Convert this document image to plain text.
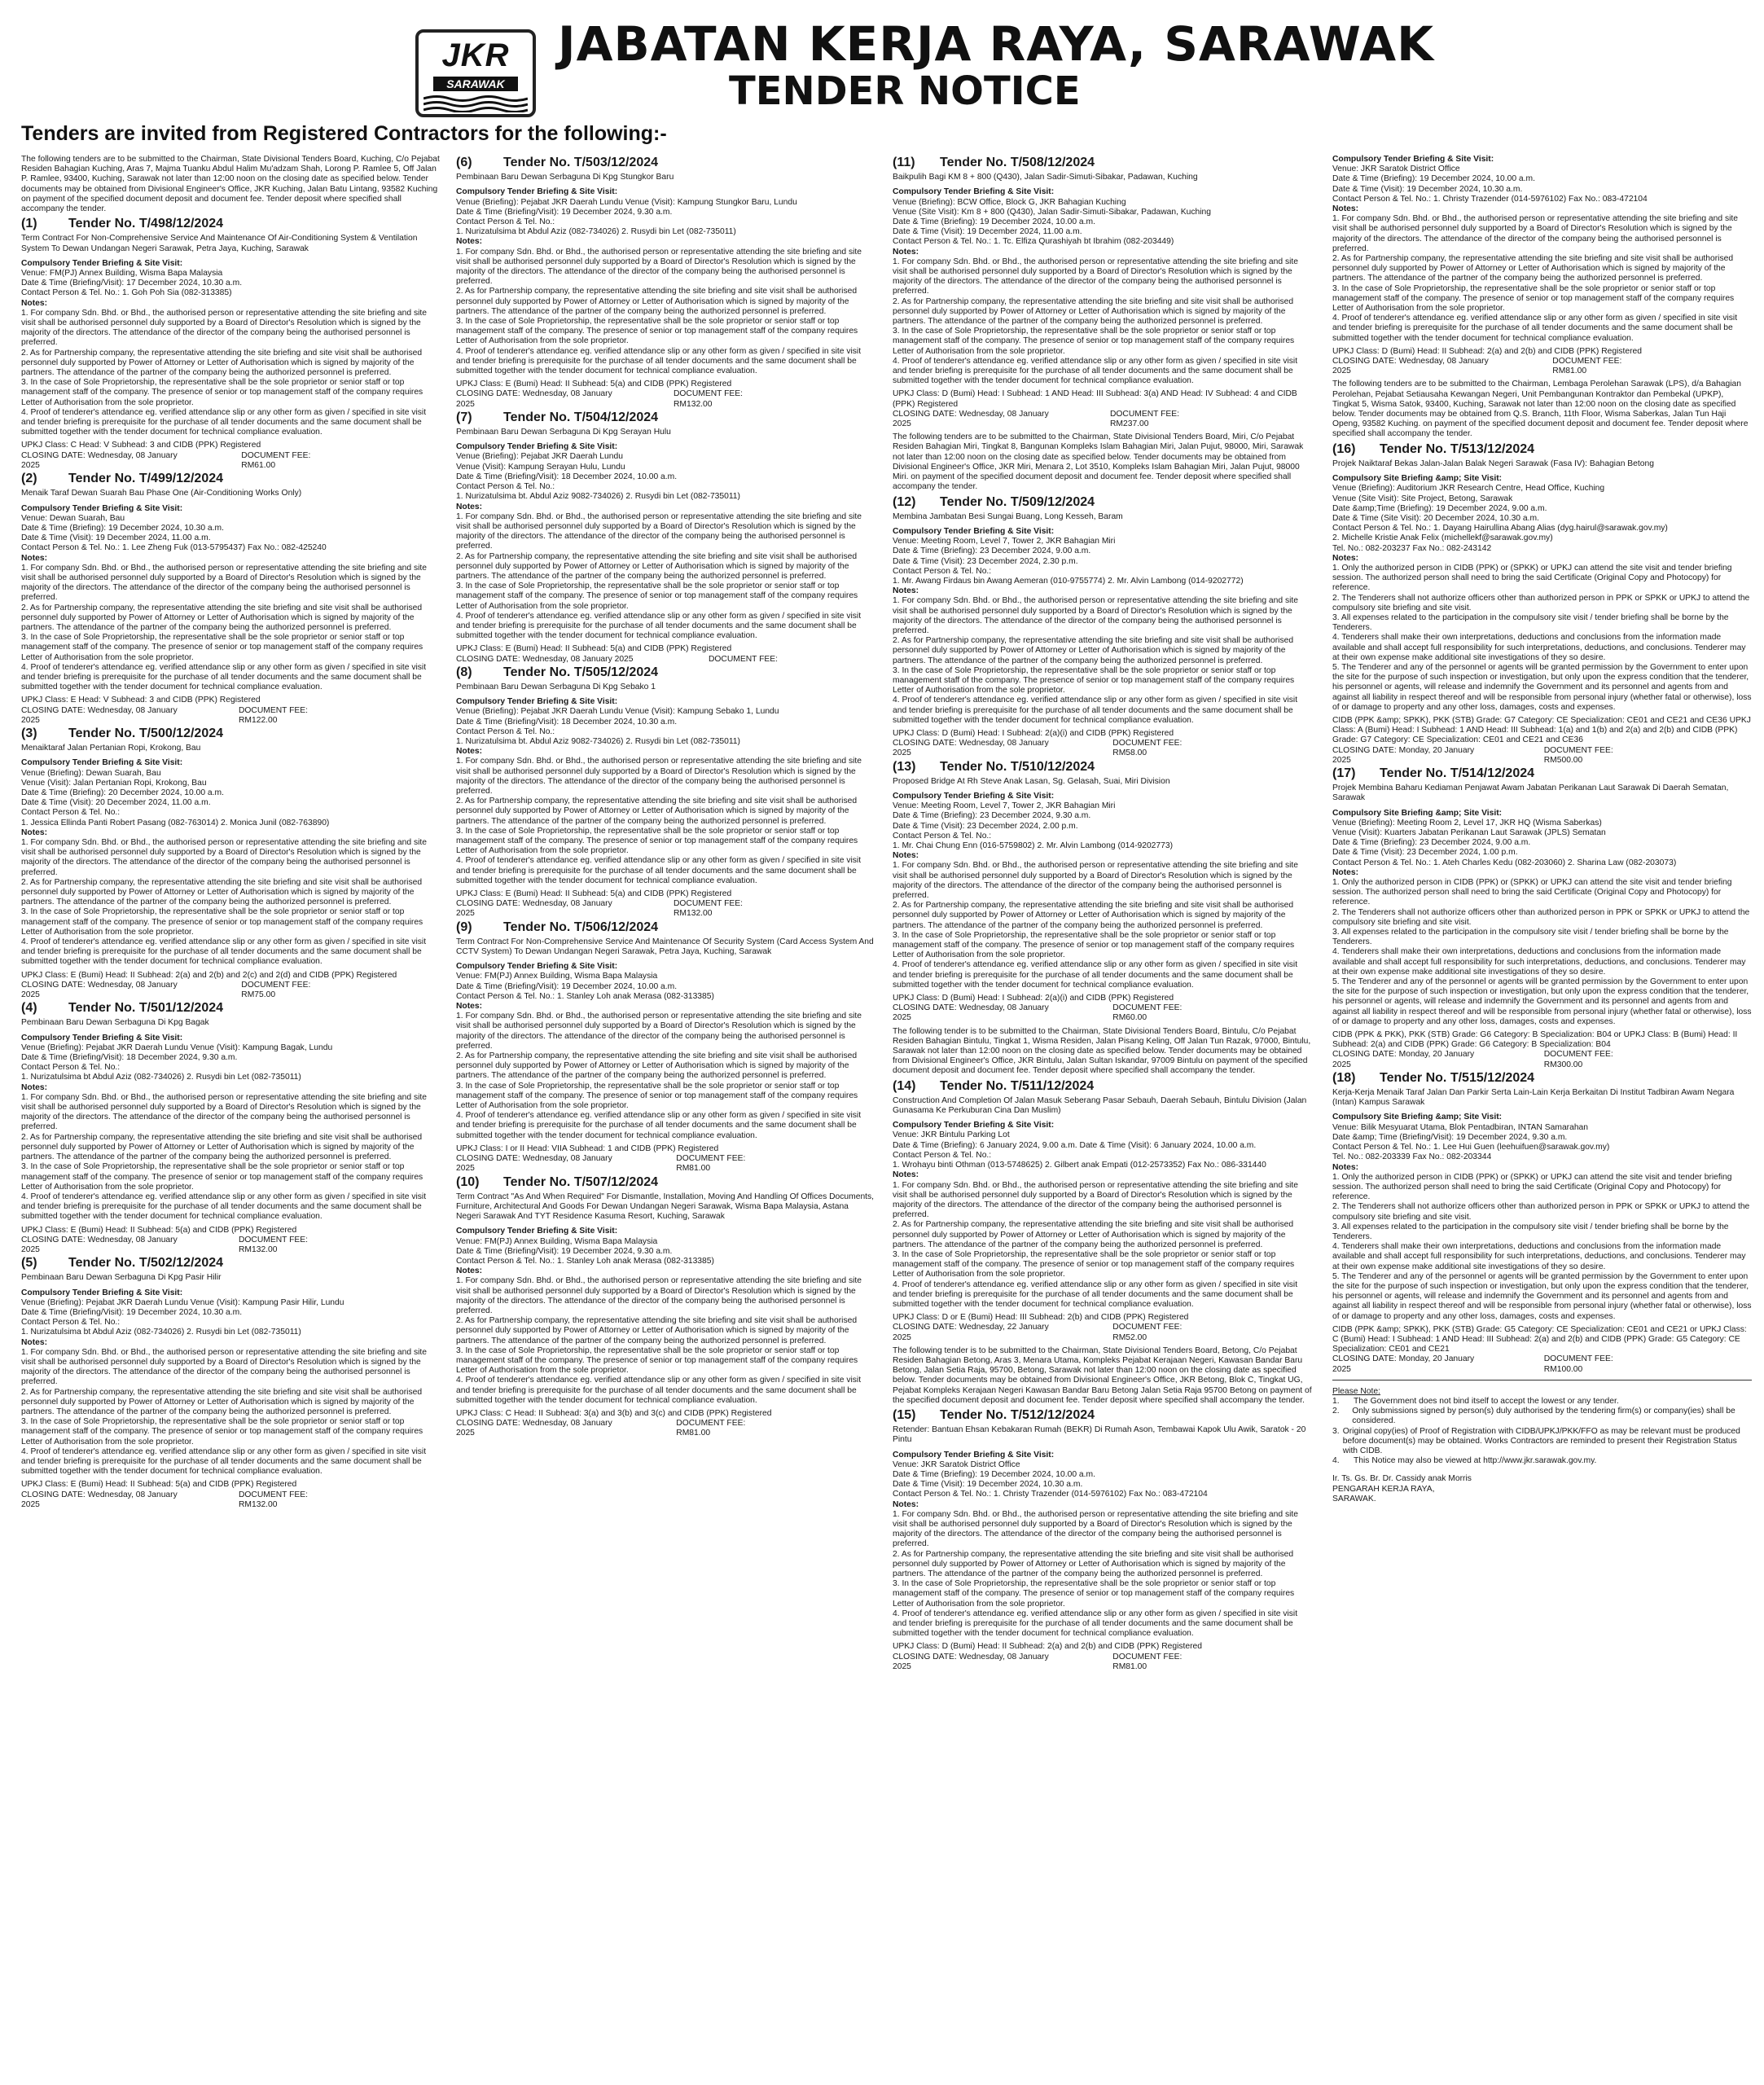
JKR
SARAWAK
JABATAN KERJA RAYA, SARAWAK
TENDER NOTICE
Tenders are invited from Registered Contractors for the following:-
The following tenders are to be submitted to the Chairman, State Divisional Tenders Board, Kuching, C/o Pejabat Residen Bahagian Kuching, Aras 7, Majma Tuanku Abdul Halim Mu'adzam Shah, Lorong P. Ramlee 5, Off Jalan P. Ramlee, 93400, Kuching, Sarawak not later than 12:00 noon on the closing date as specified below. Tender documents may be obtained from Divisional Engineer's Office, JKR Kuching, Jalan Batu Lintang, 93582 Kuching on payment of the specified document deposit and document fee. Tender deposit where specified shall accompany the tender.
(1)	Tender No. T/498/12/2024
Term Contract For Non-Comprehensive Service And Maintenance Of Air-Conditioning System & Ventilation System To Dewan Undangan Negeri Sarawak, Petra Jaya, Kuching, Sarawak
Compulsory Tender Briefing & Site Visit:
Venue: FM(PJ) Annex Building, Wisma Bapa Malaysia
Date & Time (Briefing/Visit): 17 December 2024, 10.30 a.m.
Contact Person & Tel. No.: 1. Goh Poh Sia (082-313385)
Notes:
1. For company Sdn. Bhd. or Bhd., the authorised person or representative attending the site briefing and site visit shall be authorised personnel duly supported by a Board of Director's Resolution which is signed by the majority of the directors. The attendance of the director of the company being the authorised personnel is preferred.
2. As for Partnership company, the representative attending the site briefing and site visit shall be authorised personnel duly supported by Power of Attorney or Letter of Authorisation which is signed by majority of the partners. The attendance of the partner of the company being the authorized personnel is preferred.
3. In the case of Sole Proprietorship, the representative shall be the sole proprietor or senior staff or top management staff of the company. The presence of senior or top management staff of the company requires Letter of Authorisation from the sole proprietor.
4. Proof of tenderer's attendance eg. verified attendance slip or any other form as given / specified in site visit and tender briefing is prerequisite for the purchase of all tender documents and the same document shall be submitted together with the tender document for technical compliance evaluation.
UPKJ Class: C Head: V Subhead: 3 and CIDB (PPK) Registered
CLOSING DATE: Wednesday, 08 January 2025
DOCUMENT FEE: RM61.00
(2)	Tender No. T/499/12/2024
Menaik Taraf Dewan Suarah Bau Phase One (Air-Conditioning Works Only)
Compulsory Tender Briefing & Site Visit:
Venue: Dewan Suarah, Bau
Date & Time (Briefing): 19 December 2024, 10.30 a.m.
Date & Time (Visit): 19 December 2024, 11.00 a.m.
Contact Person & Tel. No.: 1. Lee Zheng Fuk (013-5795437) Fax No.: 082-425240
Notes:
1. For company Sdn. Bhd. or Bhd., the authorised person or representative attending the site briefing and site visit shall be authorised personnel duly supported by a Board of Director's Resolution which is signed by the majority of the directors. The attendance of the director of the company being the authorised personnel is preferred.
2. As for Partnership company, the representative attending the site briefing and site visit shall be authorised personnel duly supported by Power of Attorney or Letter of Authorisation which is signed by majority of the partners. The attendance of the partner of the company being the authorized personnel is preferred.
3. In the case of Sole Proprietorship, the representative shall be the sole proprietor or senior staff or top management staff of the company. The presence of senior or top management staff of the company requires Letter of Authorisation from the sole proprietor.
4. Proof of tenderer's attendance eg. verified attendance slip or any other form as given / specified in site visit and tender briefing is prerequisite for the purchase of all tender documents and the same document shall be submitted together with the tender document for technical compliance evaluation.
UPKJ Class: E Head: V Subhead: 3 and CIDB (PPK) Registered
CLOSING DATE: Wednesday, 08 January 2025
DOCUMENT FEE: RM122.00
(3)	Tender No. T/500/12/2024
Menaiktaraf Jalan Pertanian Ropi, Krokong, Bau
Compulsory Tender Briefing & Site Visit:
Venue (Briefing): Dewan Suarah, Bau
Venue (Visit): Jalan Pertanian Ropi, Krokong, Bau
Date & Time (Briefing): 20 December 2024, 10.00 a.m.
Date & Time (Visit): 20 December 2024, 11.00 a.m.
Contact Person & Tel. No.:
1. Jessica Ellinda Panti Robert Pasang (082-763014) 2. Monica Junil (082-763890)
Notes:
1. For company Sdn. Bhd. or Bhd., the authorised person or representative attending the site briefing and site visit shall be authorised personnel duly supported by a Board of Director's Resolution which is signed by the majority of the directors. The attendance of the director of the company being the authorised personnel is preferred.
2. As for Partnership company, the representative attending the site briefing and site visit shall be authorised personnel duly supported by Power of Attorney or Letter of Authorisation which is signed by majority of the partners. The attendance of the partner of the company being the authorized personnel is preferred.
3. In the case of Sole Proprietorship, the representative shall be the sole proprietor or senior staff or top management staff of the company. The presence of senior or top management staff of the company requires Letter of Authorisation from the sole proprietor.
4. Proof of tenderer's attendance eg. verified attendance slip or any other form as given / specified in site visit and tender briefing is prerequisite for the purchase of all tender documents and the same document shall be submitted together with the tender document for technical compliance evaluation.
UPKJ Class: E (Bumi) Head: II Subhead: 2(a) and 2(b) and 2(c) and 2(d) and CIDB (PPK) Registered
CLOSING DATE: Wednesday, 08 January 2025
DOCUMENT FEE: RM75.00
(4)	Tender No. T/501/12/2024
Pembinaan Baru Dewan Serbaguna Di Kpg Bagak
Compulsory Tender Briefing & Site Visit:
Venue (Briefing): Pejabat JKR Daerah Lundu Venue (Visit): Kampung Bagak, Lundu
Date & Time (Briefing/Visit): 18 December 2024, 9.30 a.m.
Contact Person & Tel. No.:
1. Nurizatulsima bt Abdul Aziz (082-734026) 2. Rusydi bin Let (082-735011)
Notes:
1. For company Sdn. Bhd. or Bhd., the authorised person or representative attending the site briefing and site visit shall be authorised personnel duly supported by a Board of Director's Resolution which is signed by the majority of the directors. The attendance of the director of the company being the authorised personnel is preferred.
2. As for Partnership company, the representative attending the site briefing and site visit shall be authorised personnel duly supported by Power of Attorney or Letter of Authorisation which is signed by majority of the partners. The attendance of the partner of the company being the authorized personnel is preferred.
3. In the case of Sole Proprietorship, the representative shall be the sole proprietor or senior staff or top management staff of the company. The presence of senior or top management staff of the company requires Letter of Authorisation from the sole proprietor.
4. Proof of tenderer's attendance eg. verified attendance slip or any other form as given / specified in site visit and tender briefing is prerequisite for the purchase of all tender documents and the same document shall be submitted together with the tender document for technical compliance evaluation.
UPKJ Class: E (Bumi) Head: II Subhead: 5(a) and CIDB (PPK) Registered
CLOSING DATE: Wednesday, 08 January 2025
DOCUMENT FEE: RM132.00
(5)	Tender No. T/502/12/2024
Pembinaan Baru Dewan Serbaguna Di Kpg Pasir Hilir
Compulsory Tender Briefing & Site Visit:
Venue (Briefing): Pejabat JKR Daerah Lundu Venue (Visit): Kampung Pasir Hilir, Lundu
Date & Time (Briefing/Visit): 19 December 2024, 10.30 a.m.
Contact Person & Tel. No.:
1. Nurizatulsima bt Abdul Aziz (082-734026) 2. Rusydi bin Let (082-735011)
Notes:
1. For company Sdn. Bhd. or Bhd., the authorised person or representative attending the site briefing and site visit shall be authorised personnel duly supported by a Board of Director's Resolution which is signed by the majority of the directors. The attendance of the director of the company being the authorised personnel is preferred.
2. As for Partnership company, the representative attending the site briefing and site visit shall be authorised personnel duly supported by Power of Attorney or Letter of Authorisation which is signed by majority of the partners. The attendance of the partner of the company being the authorized personnel is preferred.
3. In the case of Sole Proprietorship, the representative shall be the sole proprietor or senior staff or top management staff of the company. The presence of senior or top management staff of the company requires Letter of Authorisation from the sole proprietor.
4. Proof of tenderer's attendance eg. verified attendance slip or any other form as given / specified in site visit and tender briefing is prerequisite for the purchase of all tender documents and the same document shall be submitted together with the tender document for technical compliance evaluation.
UPKJ Class: E (Bumi) Head: II Subhead: 5(a) and CIDB (PPK) Registered
CLOSING DATE: Wednesday, 08 January 2025
DOCUMENT FEE: RM132.00
(6)	Tender No. T/503/12/2024
Pembinaan Baru Dewan Serbaguna Di Kpg Stungkor Baru
Compulsory Tender Briefing & Site Visit:
Venue (Briefing): Pejabat JKR Daerah Lundu Venue (Visit): Kampung Stungkor Baru, Lundu
Date & Time (Briefing/Visit): 19 December 2024, 9.30 a.m.
Contact Person & Tel. No.:
1. Nurizatulsima bt Abdul Aziz (082-734026) 2. Rusydi bin Let (082-735011)
Notes:
1. For company Sdn. Bhd. or Bhd., the authorised person or representative attending the site briefing and site visit shall be authorised personnel duly supported by a Board of Director's Resolution which is signed by the majority of the directors. The attendance of the director of the company being the authorised personnel is preferred.
2. As for Partnership company, the representative attending the site briefing and site visit shall be authorised personnel duly supported by Power of Attorney or Letter of Authorisation which is signed by majority of the partners. The attendance of the partner of the company being the authorized personnel is preferred.
3. In the case of Sole Proprietorship, the representative shall be the sole proprietor or senior staff or top management staff of the company. The presence of senior or top management staff of the company requires Letter of Authorisation from the sole proprietor.
4. Proof of tenderer's attendance eg. verified attendance slip or any other form as given / specified in site visit and tender briefing is prerequisite for the purchase of all tender documents and the same document shall be submitted together with the tender document for technical compliance evaluation.
UPKJ Class: E (Bumi) Head: II Subhead: 5(a) and CIDB (PPK) Registered
CLOSING DATE: Wednesday, 08 January 2025
DOCUMENT FEE: RM132.00
(7)	Tender No. T/504/12/2024
Pembinaan Baru Dewan Serbaguna Di Kpg Serayan Hulu
Compulsory Tender Briefing & Site Visit:
Venue (Briefing): Pejabat JKR Daerah Lundu
Venue (Visit): Kampung Serayan Hulu, Lundu
Date & Time (Briefing/Visit): 18 December 2024, 10.00 a.m.
Contact Person & Tel. No.:
1. Nurizatulsima bt. Abdul Aziz 9082-734026) 2. Rusydi bin Let (082-735011)
Notes:
1. For company Sdn. Bhd. or Bhd., the authorised person or representative attending the site briefing and site visit shall be authorised personnel duly supported by a Board of Director's Resolution which is signed by the majority of the directors. The attendance of the director of the company being the authorised personnel is preferred.
2. As for Partnership company, the representative attending the site briefing and site visit shall be authorised personnel duly supported by Power of Attorney or Letter of Authorisation which is signed by majority of the partners. The attendance of the partner of the company being the authorized personnel is preferred.
3. In the case of Sole Proprietorship, the representative shall be the sole proprietor or senior staff or top management staff of the company. The presence of senior or top management staff of the company requires Letter of Authorisation from the sole proprietor.
4. Proof of tenderer's attendance eg. verified attendance slip or any other form as given / specified in site visit and tender briefing is prerequisite for the purchase of all tender documents and the same document shall be submitted together with the tender document for technical compliance evaluation.
UPKJ Class: E (Bumi) Head: II Subhead: 5(a) and CIDB (PPK) Registered
CLOSING DATE: Wednesday, 08 January 2025	DOCUMENT FEE:
(8)	Tender No. T/505/12/2024
Pembinaan Baru Dewan Serbaguna Di Kpg Sebako 1
Compulsory Tender Briefing & Site Visit:
Venue (Briefing): Pejabat JKR Daerah Lundu Venue (Visit): Kampung Sebako 1, Lundu
Date & Time (Briefing/Visit): 18 December 2024, 10.30 a.m.
Contact Person & Tel. No.:
1. Nurizatulsima bt. Abdul Aziz 9082-734026) 2. Rusydi bin Let (082-735011)
Notes:
1. For company Sdn. Bhd. or Bhd., the authorised person or representative attending the site briefing and site visit shall be authorised personnel duly supported by a Board of Director's Resolution which is signed by the majority of the directors. The attendance of the director of the company being the authorised personnel is preferred.
2. As for Partnership company, the representative attending the site briefing and site visit shall be authorised personnel duly supported by Power of Attorney or Letter of Authorisation which is signed by majority of the partners. The attendance of the partner of the company being the authorized personnel is preferred.
3. In the case of Sole Proprietorship, the representative shall be the sole proprietor or senior staff or top management staff of the company. The presence of senior or top management staff of the company requires Letter of Authorisation from the sole proprietor.
4. Proof of tenderer's attendance eg. verified attendance slip or any other form as given / specified in site visit and tender briefing is prerequisite for the purchase of all tender documents and the same document shall be submitted together with the tender document for technical compliance evaluation.
UPKJ Class: E (Bumi) Head: II Subhead: 5(a) and CIDB (PPK) Registered
CLOSING DATE: Wednesday, 08 January 2025
DOCUMENT FEE: RM132.00
(9)	Tender No. T/506/12/2024
Term Contract For Non-Comprehensive Service And Maintenance Of Security System (Card Access System And CCTV System) To Dewan Undangan Negeri Sarawak, Petra Jaya, Kuching, Sarawak
Compulsory Tender Briefing & Site Visit:
Venue: FM(PJ) Annex Building, Wisma Bapa Malaysia
Date & Time (Briefing/Visit): 19 December 2024, 10.00 a.m.
Contact Person & Tel. No.: 1. Stanley Loh anak Merasa (082-313385)
Notes:
1. For company Sdn. Bhd. or Bhd., the authorised person or representative attending the site briefing and site visit shall be authorised personnel duly supported by a Board of Director's Resolution which is signed by the majority of the directors. The attendance of the director of the company being the authorised personnel is preferred.
2. As for Partnership company, the representative attending the site briefing and site visit shall be authorised personnel duly supported by Power of Attorney or Letter of Authorisation which is signed by majority of the partners. The attendance of the partner of the company being the authorized personnel is preferred.
3. In the case of Sole Proprietorship, the representative shall be the sole proprietor or senior staff or top management staff of the company. The presence of senior or top management staff of the company requires Letter of Authorisation from the sole proprietor.
4. Proof of tenderer's attendance eg. verified attendance slip or any other form as given / specified in site visit and tender briefing is prerequisite for the purchase of all tender documents and the same document shall be submitted together with the tender document for technical compliance evaluation.
UPKJ Class: I or II Head: VIIA Subhead: 1 and CIDB (PPK) Registered
CLOSING DATE: Wednesday, 08 January 2025
DOCUMENT FEE: RM81.00
(10)	Tender No. T/507/12/2024
Term Contract "As And When Required" For Dismantle, Installation, Moving And Handling Of Offices Documents, Furniture, Architectural And Goods For Dewan Undangan Negeri Sarawak, Wisma Bapa Malaysia, Astana Negeri Sarawak And TYT Residence Kasuma Resort, Kuching, Sarawak
Compulsory Tender Briefing & Site Visit:
Venue: FM(PJ) Annex Building, Wisma Bapa Malaysia
Date & Time (Briefing/Visit): 19 December 2024, 9.30 a.m.
Contact Person & Tel. No.: 1. Stanley Loh anak Merasa (082-313385)
Notes:
1. For company Sdn. Bhd. or Bhd., the authorised person or representative attending the site briefing and site visit shall be authorised personnel duly supported by a Board of Director's Resolution which is signed by the majority of the directors. The attendance of the director of the company being the authorised personnel is preferred.
2. As for Partnership company, the representative attending the site briefing and site visit shall be authorised personnel duly supported by Power of Attorney or Letter of Authorisation which is signed by majority of the partners. The attendance of the partner of the company being the authorized personnel is preferred.
3. In the case of Sole Proprietorship, the representative shall be the sole proprietor or senior staff or top management staff of the company. The presence of senior or top management staff of the company requires Letter of Authorisation from the sole proprietor.
4. Proof of tenderer's attendance eg. verified attendance slip or any other form as given / specified in site visit and tender briefing is prerequisite for the purchase of all tender documents and the same document shall be submitted together with the tender document for technical compliance evaluation.
UPKJ Class: C Head: II Subhead: 3(a) and 3(b) and 3(c) and CIDB (PPK) Registered
CLOSING DATE: Wednesday, 08 January 2025
DOCUMENT FEE: RM81.00
(11)	Tender No. T/508/12/2024
Baikpulih Bagi KM 8 + 800 (Q430), Jalan Sadir-Simuti-Sibakar, Padawan, Kuching
Compulsory Tender Briefing & Site Visit:
Venue (Briefing): BCW Office, Block G, JKR Bahagian Kuching
Venue (Site Visit): Km 8 + 800 (Q430), Jalan Sadir-Simuti-Sibakar, Padawan, Kuching
Date & Time (Briefing): 19 December 2024, 10.00 a.m.
Date & Time (Visit): 19 December 2024, 11.00 a.m.
Contact Person & Tel. No.: 1. Tc. Elfiza Qurashiyah bt Ibrahim (082-203449)
Notes:
1. For company Sdn. Bhd. or Bhd., the authorised person or representative attending the site briefing and site visit shall be authorised personnel duly supported by a Board of Director's Resolution which is signed by the majority of the directors. The attendance of the director of the company being the authorised personnel is preferred.
2. As for Partnership company, the representative attending the site briefing and site visit shall be authorised personnel duly supported by Power of Attorney or Letter of Authorisation which is signed by majority of the partners. The attendance of the partner of the company being the authorized personnel is preferred.
3. In the case of Sole Proprietorship, the representative shall be the sole proprietor or senior staff or top management staff of the company. The presence of senior or top management staff of the company requires Letter of Authorisation from the sole proprietor.
4. Proof of tenderer's attendance eg. verified attendance slip or any other form as given / specified in site visit and tender briefing is prerequisite for the purchase of all tender documents and the same document shall be submitted together with the tender document for technical compliance evaluation.
UPKJ Class: D (Bumi) Head: I Subhead: 1 AND Head: III Subhead: 3(a) AND Head: IV Subhead: 4 and CIDB (PPK) Registered
CLOSING DATE: Wednesday, 08 January 2025
DOCUMENT FEE: RM237.00
The following tenders are to be submitted to the Chairman, State Divisional Tenders Board, Miri, C/o Pejabat Residen Bahagian Miri, Tingkat 8, Bangunan Kompleks Islam Bahagian Miri, Jalan Pujut, 98000, Miri, Sarawak not later than 12:00 noon on the closing date as specified below. Tender documents may be obtained from Divisional Engineer's Office, JKR Miri, Menara 2, Lot 3510, Kompleks Islam Bahagian Miri, Jalan Pujut, 98000 Miri. on payment of the specified document deposit and document fee. Tender deposit where specified shall accompany the tender.
(12)	Tender No. T/509/12/2024
Membina Jambatan Besi Sungai Buang, Long Kesseh, Baram
Compulsory Tender Briefing & Site Visit:
Venue: Meeting Room, Level 7, Tower 2, JKR Bahagian Miri
Date & Time (Briefing): 23 December 2024, 9.00 a.m.
Date & Time (Visit): 23 December 2024, 2.30 p.m.
Contact Person & Tel. No.:
1. Mr. Awang Firdaus bin Awang Aemeran (010-9755774) 2. Mr. Alvin Lambong (014-9202772)
Notes:
1. For company Sdn. Bhd. or Bhd., the authorised person or representative attending the site briefing and site visit shall be authorised personnel duly supported by a Board of Director's Resolution which is signed by the majority of the directors. The attendance of the director of the company being the authorised personnel is preferred.
2. As for Partnership company, the representative attending the site briefing and site visit shall be authorised personnel duly supported by Power of Attorney or Letter of Authorisation which is signed by majority of the partners. The attendance of the partner of the company being the authorized personnel is preferred.
3. In the case of Sole Proprietorship, the representative shall be the sole proprietor or senior staff or top management staff of the company. The presence of senior or top management staff of the company requires Letter of Authorisation from the sole proprietor.
4. Proof of tenderer's attendance eg. verified attendance slip or any other form as given / specified in site visit and tender briefing is prerequisite for the purchase of all tender documents and the same document shall be submitted together with the tender document for technical compliance evaluation.
UPKJ Class: D (Bumi) Head: I Subhead: 2(a)(i) and CIDB (PPK) Registered
CLOSING DATE: Wednesday, 08 January 2025
DOCUMENT FEE: RM58.00
(13)	Tender No. T/510/12/2024
Proposed Bridge At Rh Steve Anak Lasan, Sg. Gelasah, Suai, Miri Division
Compulsory Tender Briefing & Site Visit:
Venue: Meeting Room, Level 7, Tower 2, JKR Bahagian Miri
Date & Time (Briefing): 23 December 2024, 9.30 a.m.
Date & Time (Visit): 23 December 2024, 2.00 p.m.
Contact Person & Tel. No.:
1. Mr. Chai Chung Enn (016-5759802) 2. Mr. Alvin Lambong (014-9202773)
Notes:
1. For company Sdn. Bhd. or Bhd., the authorised person or representative attending the site briefing and site visit shall be authorised personnel duly supported by a Board of Director's Resolution which is signed by the majority of the directors. The attendance of the director of the company being the authorised personnel is preferred.
2. As for Partnership company, the representative attending the site briefing and site visit shall be authorised personnel duly supported by Power of Attorney or Letter of Authorisation which is signed by majority of the partners. The attendance of the partner of the company being the authorized personnel is preferred.
3. In the case of Sole Proprietorship, the representative shall be the sole proprietor or senior staff or top management staff of the company. The presence of senior or top management staff of the company requires Letter of Authorisation from the sole proprietor.
4. Proof of tenderer's attendance eg. verified attendance slip or any other form as given / specified in site visit and tender briefing is prerequisite for the purchase of all tender documents and the same document shall be submitted together with the tender document for technical compliance evaluation.
UPKJ Class: D (Bumi) Head: I Subhead: 2(a)(i) and CIDB (PPK) Registered
CLOSING DATE: Wednesday, 08 January 2025
DOCUMENT FEE: RM60.00
The following tender is to be submitted to the Chairman, State Divisional Tenders Board, Bintulu, C/o Pejabat Residen Bahagian Bintulu, Tingkat 1, Wisma Residen, Jalan Pisang Keling, Off Jalan Tun Razak, 97000, Bintulu, Sarawak not later than 12:00 noon on the closing date as specified below. Tender documents may be obtained from Divisional Engineer's Office, JKR Bintulu, Jalan Sultan Iskandar, 97009 Bintulu on payment of the specified document deposit and document fee. Tender deposit where specified shall accompany the tender.
(14)	Tender No. T/511/12/2024
Construction And Completion Of Jalan Masuk Seberang Pasar Sebauh, Daerah Sebauh, Bintulu Division (Jalan Gunasama Ke Perkuburan Cina Dan Muslim)
Compulsory Tender Briefing & Site Visit:
Venue: JKR Bintulu Parking Lot
Date & Time (Briefing): 6 January 2024, 9.00 a.m. Date & Time (Visit): 6 January 2024, 10.00 a.m.
Contact Person & Tel. No.:
1. Wrohayu binti Othman (013-5748625) 2. Gilbert anak Empati (012-2573352) Fax No.: 086-331440
Notes:
1. For company Sdn. Bhd. or Bhd., the authorised person or representative attending the site briefing and site visit shall be authorised personnel duly supported by a Board of Director's Resolution which is signed by the majority of the directors. The attendance of the director of the company being the authorised personnel is preferred.
2. As for Partnership company, the representative attending the site briefing and site visit shall be authorised personnel duly supported by Power of Attorney or Letter of Authorisation which is signed by majority of the partners. The attendance of the partner of the company being the authorized personnel is preferred.
3. In the case of Sole Proprietorship, the representative shall be the sole proprietor or senior staff or top management staff of the company. The presence of senior or top management staff of the company requires Letter of Authorisation from the sole proprietor.
4. Proof of tenderer's attendance eg. verified attendance slip or any other form as given / specified in site visit and tender briefing is prerequisite for the purchase of all tender documents and the same document shall be submitted together with the tender document for technical compliance evaluation.
UPKJ Class: D or E (Bumi) Head: III Subhead: 2(b) and CIDB (PPK) Registered
CLOSING DATE: Wednesday, 22 January 2025
DOCUMENT FEE: RM52.00
The following tender is to be submitted to the Chairman, State Divisional Tenders Board, Betong, C/o Pejabat Residen Bahagian Betong, Aras 3, Menara Utama, Kompleks Pejabat Kerajaan Negeri, Kawasan Bandar Baru Betong, Jalan Setia Raja, 95700, Betong, Sarawak not later than 12:00 noon on the closing date as specified below. Tender documents may be obtained from Divisional Engineer's Office, JKR Betong, Blok C, Tingkat UG, Pejabat Kompleks Kerajaan Negeri Kawasan Bandar Baru Betong Jalan Setia Raja 95700 Betong on payment of the specified document deposit and document fee. Tender deposit where specified shall accompany the tender.
(15)	Tender No. T/512/12/2024
Retender: Bantuan Ehsan Kebakaran Rumah (BEKR) Di Rumah Ason, Tembawai Kapok Ulu Awik, Saratok - 20 Pintu
Compulsory Tender Briefing & Site Visit:
Venue: JKR Saratok District Office
Date & Time (Briefing): 19 December 2024, 10.00 a.m.
Date & Time (Visit): 19 December 2024, 10.30 a.m.
Contact Person & Tel. No.: 1. Christy Trazender (014-5976102) Fax No.: 083-472104
Notes:
1. For company Sdn. Bhd. or Bhd., the authorised person or representative attending the site briefing and site visit shall be authorised personnel duly supported by a Board of Director's Resolution which is signed by the majority of the directors. The attendance of the director of the company being the authorised personnel is preferred.
2. As for Partnership company, the representative attending the site briefing and site visit shall be authorised personnel duly supported by Power of Attorney or Letter of Authorisation which is signed by majority of the partners. The attendance of the partner of the company being the authorized personnel is preferred.
3. In the case of Sole Proprietorship, the representative shall be the sole proprietor or senior staff or top management staff of the company. The presence of senior or top management staff of the company requires Letter of Authorisation from the sole proprietor.
4. Proof of tenderer's attendance eg. verified attendance slip or any other form as given / specified in site visit and tender briefing is prerequisite for the purchase of all tender documents and the same document shall be submitted together with the tender document for technical compliance evaluation.
UPKJ Class: D (Bumi) Head: II Subhead: 2(a) and 2(b) and CIDB (PPK) Registered
CLOSING DATE: Wednesday, 08 January 2025
DOCUMENT FEE: RM81.00
Compulsory Tender Briefing & Site Visit:
Venue: JKR Saratok District Office
Date & Time (Briefing): 19 December 2024, 10.00 a.m.
Date & Time (Visit): 19 December 2024, 10.30 a.m.
Contact Person & Tel. No.: 1. Christy Trazender (014-5976102) Fax No.: 083-472104
Notes:
1. For company Sdn. Bhd. or Bhd., the authorised person or representative attending the site briefing and site visit shall be authorised personnel duly supported by a Board of Director's Resolution which is signed by the majority of the directors. The attendance of the director of the company being the authorised personnel is preferred.
2. As for Partnership company, the representative attending the site briefing and site visit shall be authorised personnel duly supported by Power of Attorney or Letter of Authorisation which is signed by majority of the partners. The attendance of the partner of the company being the authorized personnel is preferred.
3. In the case of Sole Proprietorship, the representative shall be the sole proprietor or senior staff or top management staff of the company. The presence of senior or top management staff of the company requires Letter of Authorisation from the sole proprietor.
4. Proof of tenderer's attendance eg. verified attendance slip or any other form as given / specified in site visit and tender briefing is prerequisite for the purchase of all tender documents and the same document shall be submitted together with the tender document for technical compliance evaluation.
UPKJ Class: D (Bumi) Head: II Subhead: 2(a) and 2(b) and CIDB (PPK) Registered
CLOSING DATE: Wednesday, 08 January 2025
DOCUMENT FEE: RM81.00
The following tenders are to be submitted to the Chairman, Lembaga Perolehan Sarawak (LPS), d/a Bahagian Perolehan, Pejabat Setiausaha Kewangan Negeri, Unit Pembangunan Kontraktor dan Pembekal (UPKP), Tingkat 5, Wisma Satok, 93400, Kuching, Sarawak not later than 12:00 noon on the closing date as specified below. Tender documents may be obtained from Q.S. Branch, 11th Floor, Wisma Saberkas, Jalan Tun Haji Openg, 93582 Kuching. on payment of the specified document deposit and document fee. Tender deposit where specified shall accompany the tender.
(16)	Tender No. T/513/12/2024
Projek Naiktaraf Bekas Jalan-Jalan Balak Negeri Sarawak (Fasa IV): Bahagian Betong
Compulsory Site Briefing &amp; Site Visit:
Venue (Briefing): Auditorium JKR Research Centre, Head Office, Kuching
Venue (Site Visit): Site Project, Betong, Sarawak
Date &amp;Time (Briefing): 19 December 2024, 9.00 a.m.
Date & Time (Site Visit): 20 December 2024, 10.30 a.m.
Contact Person & Tel. No.: 1. Dayang Hairullina Abang Alias (dyg.hairul@sarawak.gov.my)
2. Michelle Kristie Anak Felix (michellekf@sarawak.gov.my)
Tel. No.: 082-203237 Fax No.: 082-243142
Notes:
1. Only the authorized person in CIDB (PPK) or (SPKK) or UPKJ can attend the site visit and tender briefing session. The authorized person shall need to bring the said Certificate (Original Copy and Photocopy) for reference.
2. The Tenderers shall not authorize officers other than authorized person in PPK or SPKK or UPKJ to attend the compulsory site briefing and site visit.
3. All expenses related to the participation in the compulsory site visit / tender briefing shall be borne by the Tenderers.
4. Tenderers shall make their own interpretations, deductions and conclusions from the information made available and shall accept full responsibility for such interpretations, deductions, and conclusions. Tenderer may at their own expense make additional site investigations of they so desire.
5. The Tenderer and any of the personnel or agents will be granted permission by the Government to enter upon the site for the purpose of such inspection or investigation, but only upon the express condition that the tenderer, his personnel or agents, will release and indemnify the Government and its personnel and agents from and against all liability in respect thereof and will be responsible from personal injury (whether fatal or otherwise), loss of or damage to property and any other loss, damages, costs and expenses.
CIDB (PPK &amp; SPKK), PKK (STB) Grade: G7 Category: CE Specialization: CE01 and CE21 and CE36 UPKJ Class: A (Bumi) Head: I Subhead: 1 AND Head: III Subhead: 1(a) and 1(b) and 2(a) and 2(b) and CIDB (PPK) Grade: G7 Category: CE Specialization: CE01 and CE21 and CE36
CLOSING DATE: Monday, 20 January 2025
DOCUMENT FEE: RM500.00
(17)	Tender No. T/514/12/2024
Projek Membina Baharu Kediaman Penjawat Awam Jabatan Perikanan Laut Sarawak Di Daerah Sematan, Sarawak
Compulsory Site Briefing &amp; Site Visit:
Venue (Briefing): Meeting Room 2, Level 17, JKR HQ (Wisma Saberkas)
Venue (Visit): Kuarters Jabatan Perikanan Laut Sarawak (JPLS) Sematan
Date & Time (Briefing): 23 December 2024, 9.00 a.m.
Date & Time (Visit): 23 December 2024, 1.00 p.m.
Contact Person & Tel. No.: 1. Ateh Charles Kedu (082-203060) 2. Sharina Law (082-203073)
Notes:
1. Only the authorized person in CIDB (PPK) or (SPKK) or UPKJ can attend the site visit and tender briefing session. The authorized person shall need to bring the said Certificate (Original Copy and Photocopy) for reference.
2. The Tenderers shall not authorize officers other than authorized person in PPK or SPKK or UPKJ to attend the compulsory site briefing and site visit.
3. All expenses related to the participation in the compulsory site visit / tender briefing shall be borne by the Tenderers.
4. Tenderers shall make their own interpretations, deductions and conclusions from the information made available and shall accept full responsibility for such interpretations, deductions, and conclusions. Tenderer may at their own expense make additional site investigations of they so desire.
5. The Tenderer and any of the personnel or agents will be granted permission by the Government to enter upon the site for the purpose of such inspection or investigation, but only upon the express condition that the tenderer, his personnel or agents, will release and indemnify the Government and its personnel and agents from and against all liability in respect thereof and will be responsible from personal injury (whether fatal or otherwise), loss of or damage to property and any other loss, damages, costs and expenses.
CIDB (PPK & PKK), PKK (STB) Grade: G6 Category: B Specialization: B04 or UPKJ Class: B (Bumi) Head: II Subhead: 2(a) and CIDB (PPK) Grade: G6 Category: B Specialization: B04
CLOSING DATE: Monday, 20 January 2025
DOCUMENT FEE: RM300.00
(18)	Tender No. T/515/12/2024
Kerja-Kerja Menaik Taraf Jalan Dan Parkir Serta Lain-Lain Kerja Berkaitan Di Institut Tadbiran Awam Negara (Intan) Kampus Sarawak
Compulsory Site Briefing &amp; Site Visit:
Venue: Bilik Mesyuarat Utama, Blok Pentadbiran, INTAN Samarahan
Date &amp; Time (Briefing/Visit): 19 December 2024, 9.30 a.m.
Contact Person & Tel. No.: 1. Lee Hui Guen (leehuifuen@sarawak.gov.my)
Tel. No.: 082-203339 Fax No.: 082-203344
Notes:
1. Only the authorized person in CIDB (PPK) or (SPKK) or UPKJ can attend the site visit and tender briefing session. The authorized person shall need to bring the said Certificate (Original Copy and Photocopy) for reference.
2. The Tenderers shall not authorize officers other than authorized person in PPK or SPKK or UPKJ to attend the compulsory site briefing and site visit.
3. All expenses related to the participation in the compulsory site visit / tender briefing shall be borne by the Tenderers.
4. Tenderers shall make their own interpretations, deductions and conclusions from the information made available and shall accept full responsibility for such interpretations, deductions, and conclusions. Tenderer may at their own expense make additional site investigations of they so desire.
5. The Tenderer and any of the personnel or agents will be granted permission by the Government to enter upon the site for the purpose of such inspection or investigation, but only upon the express condition that the tenderer, his personnel or agents, will release and indemnify the Government and its personnel and agents from and against all liability in respect thereof and will be responsible from personal injury (whether fatal or otherwise), loss of or damage to property and any other loss, damages, costs and expenses.
CIDB (PPK &amp; SPKK), PKK (STB) Grade: G5 Category: CE Specialization: CE01 and CE21 or UPKJ Class: C (Bumi) Head: I Subhead: 1 AND Head: III Subhead: 2(a) and 2(b) and CIDB (PPK) Grade: G5 Category: CE Specialization: CE01 and CE21
CLOSING DATE: Monday, 20 January 2025
DOCUMENT FEE: RM100.00
Please Note:
1.	The Government does not bind itself to accept the lowest or any tender.
2.	Only submissions signed by person(s) duly authorised by the tendering firm(s) or company(ies) shall be considered.
3. Original copy(ies) of Proof of Registration with CIDB/UPKJ/PKK/FFO as may be relevant must be produced before document(s) may be obtained. Works Contractors are reminded to present their Registration Status with CIDB.
4.	This Notice may also be viewed at http://www.jkr.sarawak.gov.my.
Ir. Ts. Gs. Br. Dr. Cassidy anak Morris
PENGARAH KERJA RAYA,
SARAWAK.
